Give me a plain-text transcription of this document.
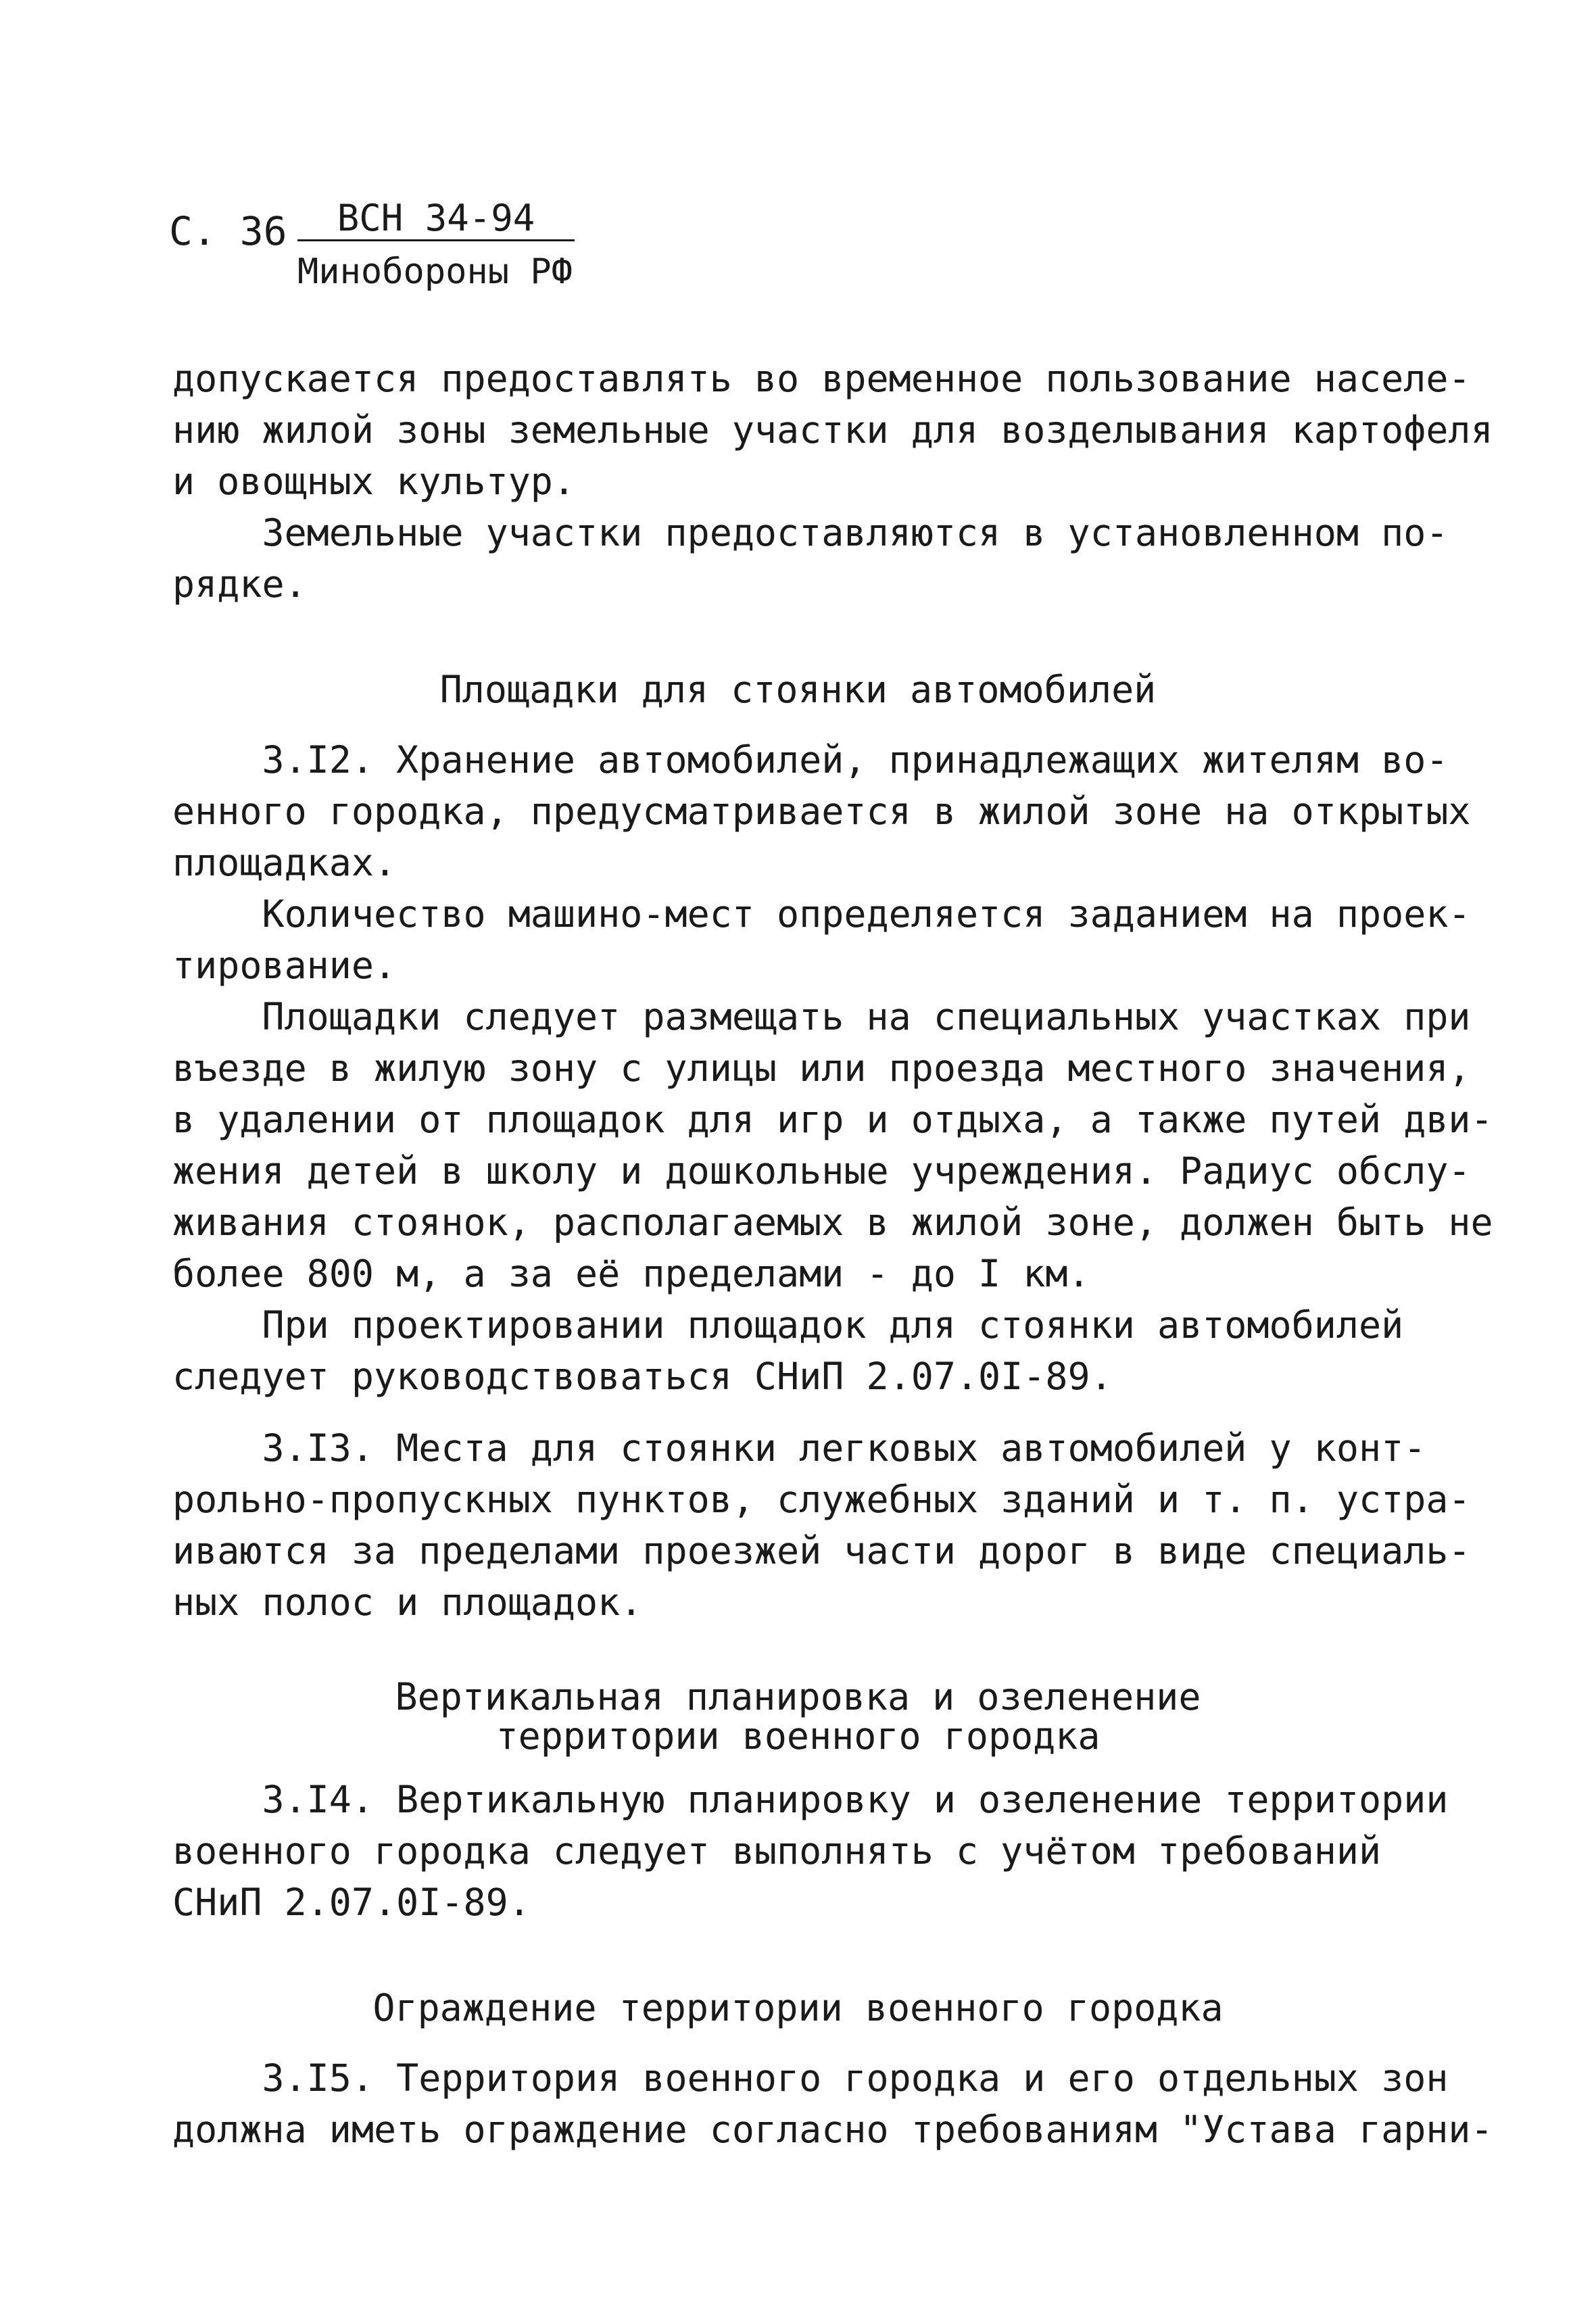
С. 36	ВСН 34-94
Минобороны РФ

допускается предоставлять во временное пользование населе-

нию жилой зоны земельные участки для возделывания картофеля

и овощных культур.

Земельные участки предоставляются в установленном по-

рядке.

Площадки для стоянки автомобилей

3.I2. Хранение автомобилей, принадлежащих жителям во-

енного городка, предусматривается в жилой зоне на открытых

площадках.

Количество машино-мест определяется заданием на проек-

тирование.

Площадки следует размещать на специальных участках при

въезде в жилую зону с улицы или проезда местного значения,

в удалении от площадок для игр и отдыха, а также путей дви-

жения детей в школу и дошкольные учреждения. Радиус обслу-

живания стоянок, располагаемых в жилой зоне, должен быть не

более 800 м, а за её пределами - до I км.

При проектировании площадок для стоянки автомобилей

следует руководствоваться СНиП 2.07.0I-89.

3.I3. Места для стоянки легковых автомобилей у конт-

рольно-пропускных пунктов, служебных зданий и т. п. устра-

иваются за пределами проезжей части дорог в виде специаль-

ных полос и площадок.

Вертикальная планировка и озеленение
территории военного городка

3.I4. Вертикальную планировку и озеленение территории

военного городка следует выполнять с учётом требований

СНиП 2.07.0I-89.

Ограждение территории военного городка

3.I5. Территория военного городка и его отдельных зон

должна иметь ограждение согласно требованиям "Устава гарни-
